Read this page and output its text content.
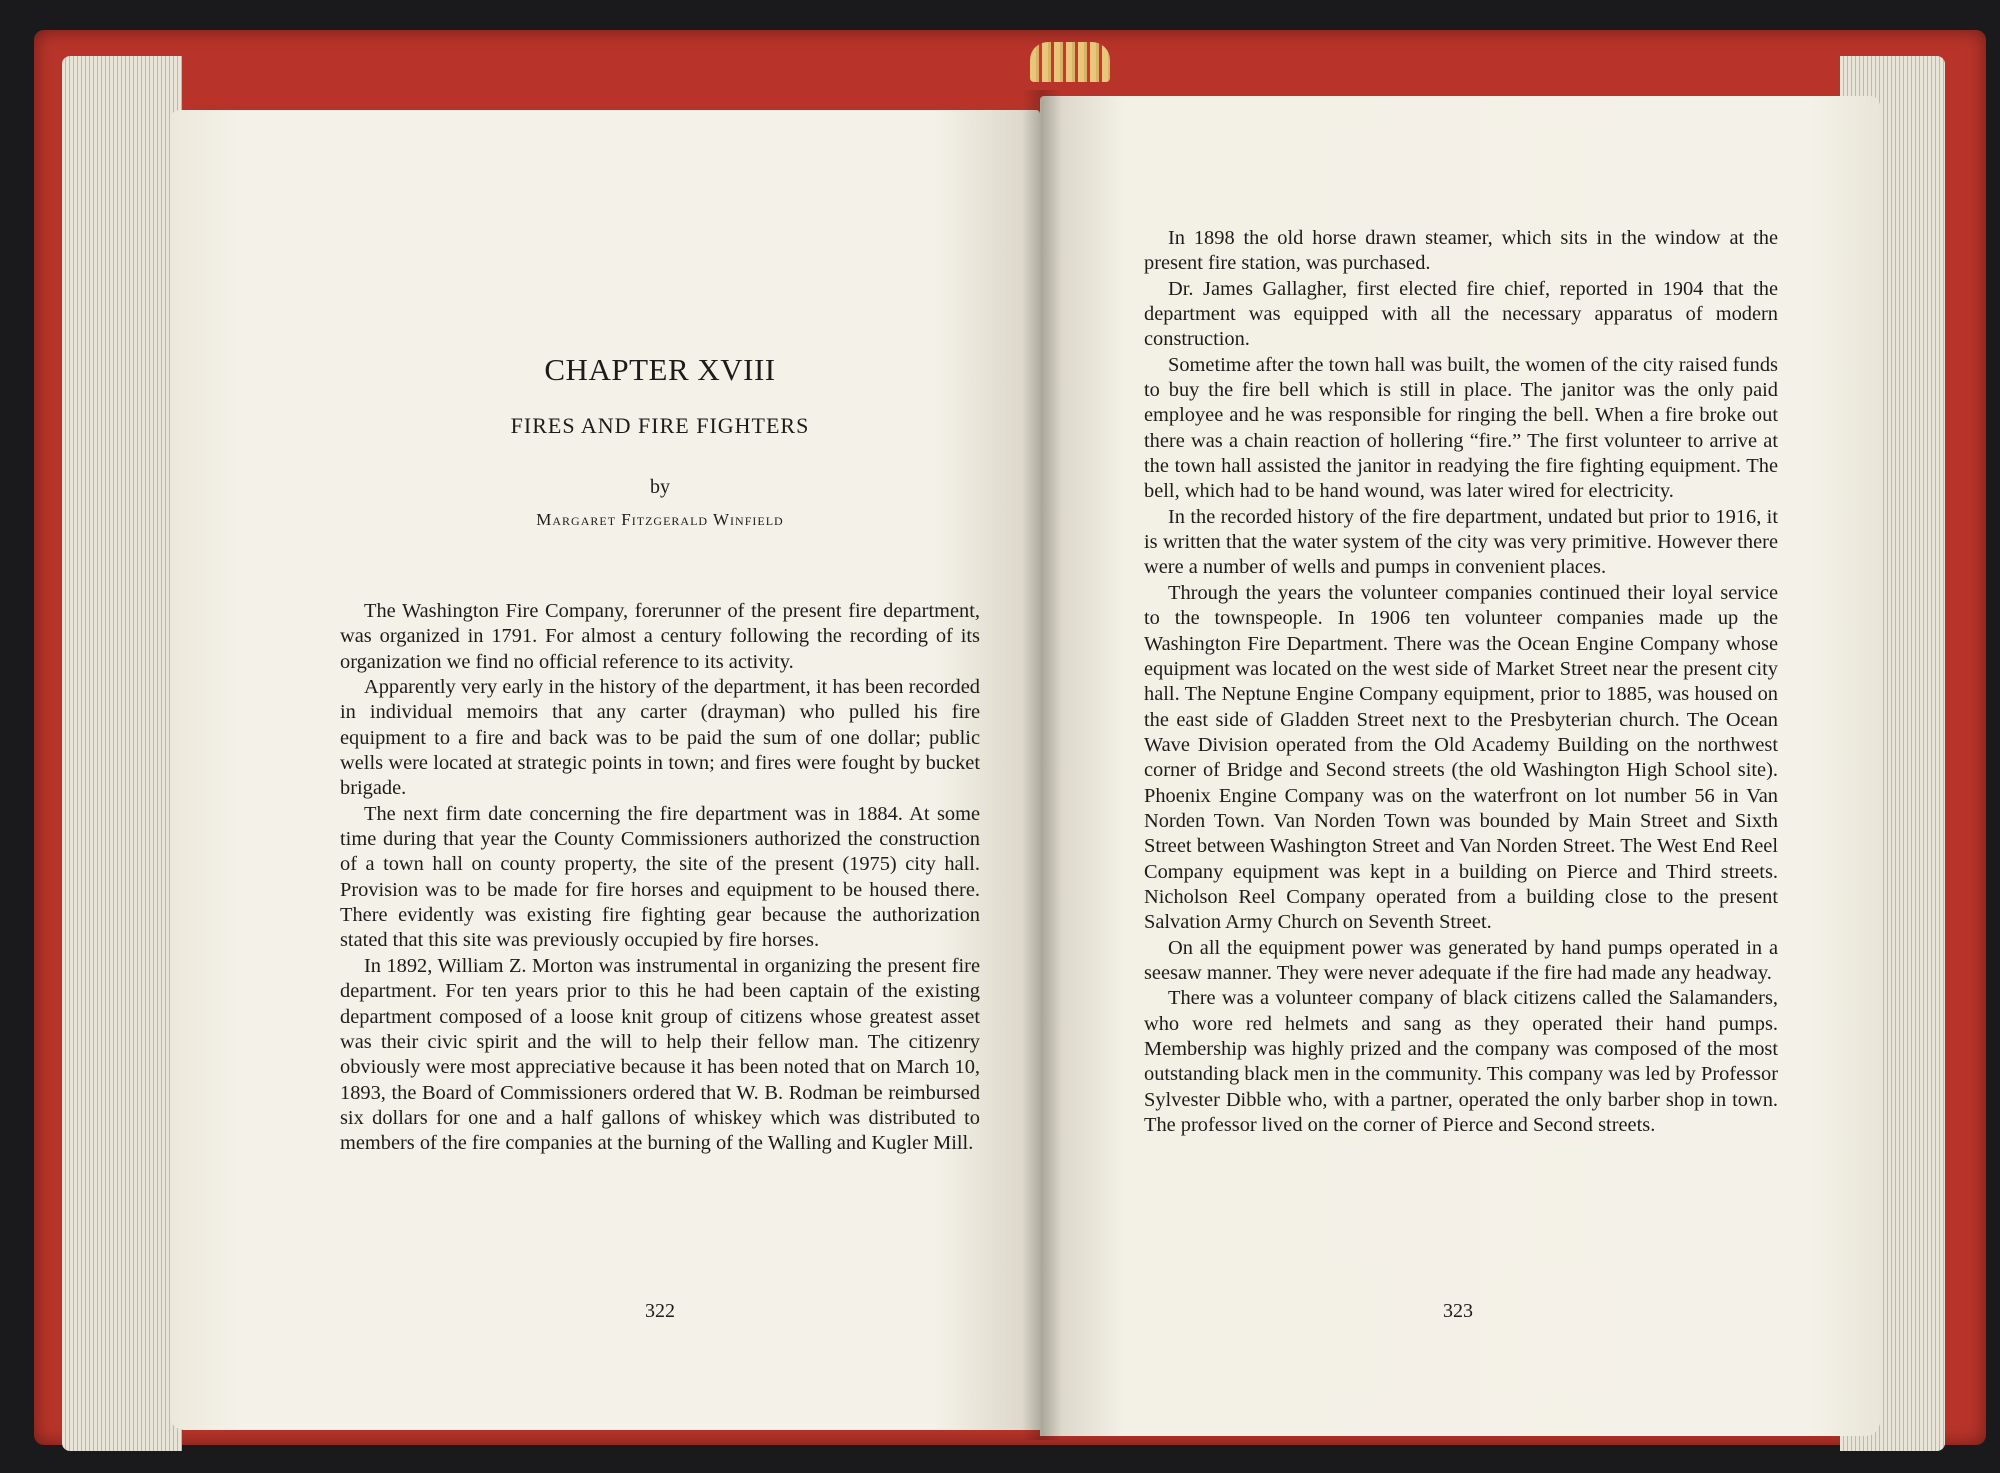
CHAPTER XVIII
FIRES AND FIRE FIGHTERS
by
Margaret Fitzgerald Winfield

The Washington Fire Company, forerunner of the present fire department, was organized in 1791. For almost a century following the recording of its organization we find no official reference to its activity.

Apparently very early in the history of the department, it has been recorded in individual memoirs that any carter (drayman) who pulled his fire equipment to a fire and back was to be paid the sum of one dollar; public wells were located at strategic points in town; and fires were fought by bucket brigade.

The next firm date concerning the fire department was in 1884. At some time during that year the County Commissioners authorized the construction of a town hall on county property, the site of the present (1975) city hall. Provision was to be made for fire horses and equipment to be housed there. There evidently was existing fire fighting gear because the authorization stated that this site was previously occupied by fire horses.

In 1892, William Z. Morton was instrumental in organizing the present fire department. For ten years prior to this he had been captain of the existing department composed of a loose knit group of citizens whose greatest asset was their civic spirit and the will to help their fellow man. The citizenry obviously were most appreciative because it has been noted that on March 10, 1893, the Board of Commissioners ordered that W. B. Rodman be reimbursed six dollars for one and a half gallons of whiskey which was distributed to members of the fire companies at the burning of the Walling and Kugler Mill.

In 1898 the old horse drawn steamer, which sits in the window at the present fire station, was purchased.

Dr. James Gallagher, first elected fire chief, reported in 1904 that the department was equipped with all the necessary apparatus of modern construction.

Sometime after the town hall was built, the women of the city raised funds to buy the fire bell which is still in place. The janitor was the only paid employee and he was responsible for ringing the bell. When a fire broke out there was a chain reaction of hollering “fire.” The first volunteer to arrive at the town hall assisted the janitor in readying the fire fighting equipment. The bell, which had to be hand wound, was later wired for electricity.

In the recorded history of the fire department, undated but prior to 1916, it is written that the water system of the city was very primitive. However there were a number of wells and pumps in convenient places.

Through the years the volunteer companies continued their loyal service to the townspeople. In 1906 ten volunteer companies made up the Washington Fire Department. There was the Ocean Engine Company whose equipment was located on the west side of Market Street near the present city hall. The Neptune Engine Company equipment, prior to 1885, was housed on the east side of Gladden Street next to the Presbyterian church. The Ocean Wave Division operated from the Old Academy Building on the northwest corner of Bridge and Second streets (the old Washington High School site). Phoenix Engine Company was on the waterfront on lot number 56 in Van Norden Town. Van Norden Town was bounded by Main Street and Sixth Street between Washington Street and Van Norden Street. The West End Reel Company equipment was kept in a building on Pierce and Third streets. Nicholson Reel Company operated from a building close to the present Salvation Army Church on Seventh Street.

On all the equipment power was generated by hand pumps operated in a seesaw manner. They were never adequate if the fire had made any headway.

There was a volunteer company of black citizens called the Salamanders, who wore red helmets and sang as they operated their hand pumps. Membership was highly prized and the company was composed of the most outstanding black men in the community. This company was led by Professor Sylvester Dibble who, with a partner, operated the only barber shop in town. The professor lived on the corner of Pierce and Second streets.

322	323
